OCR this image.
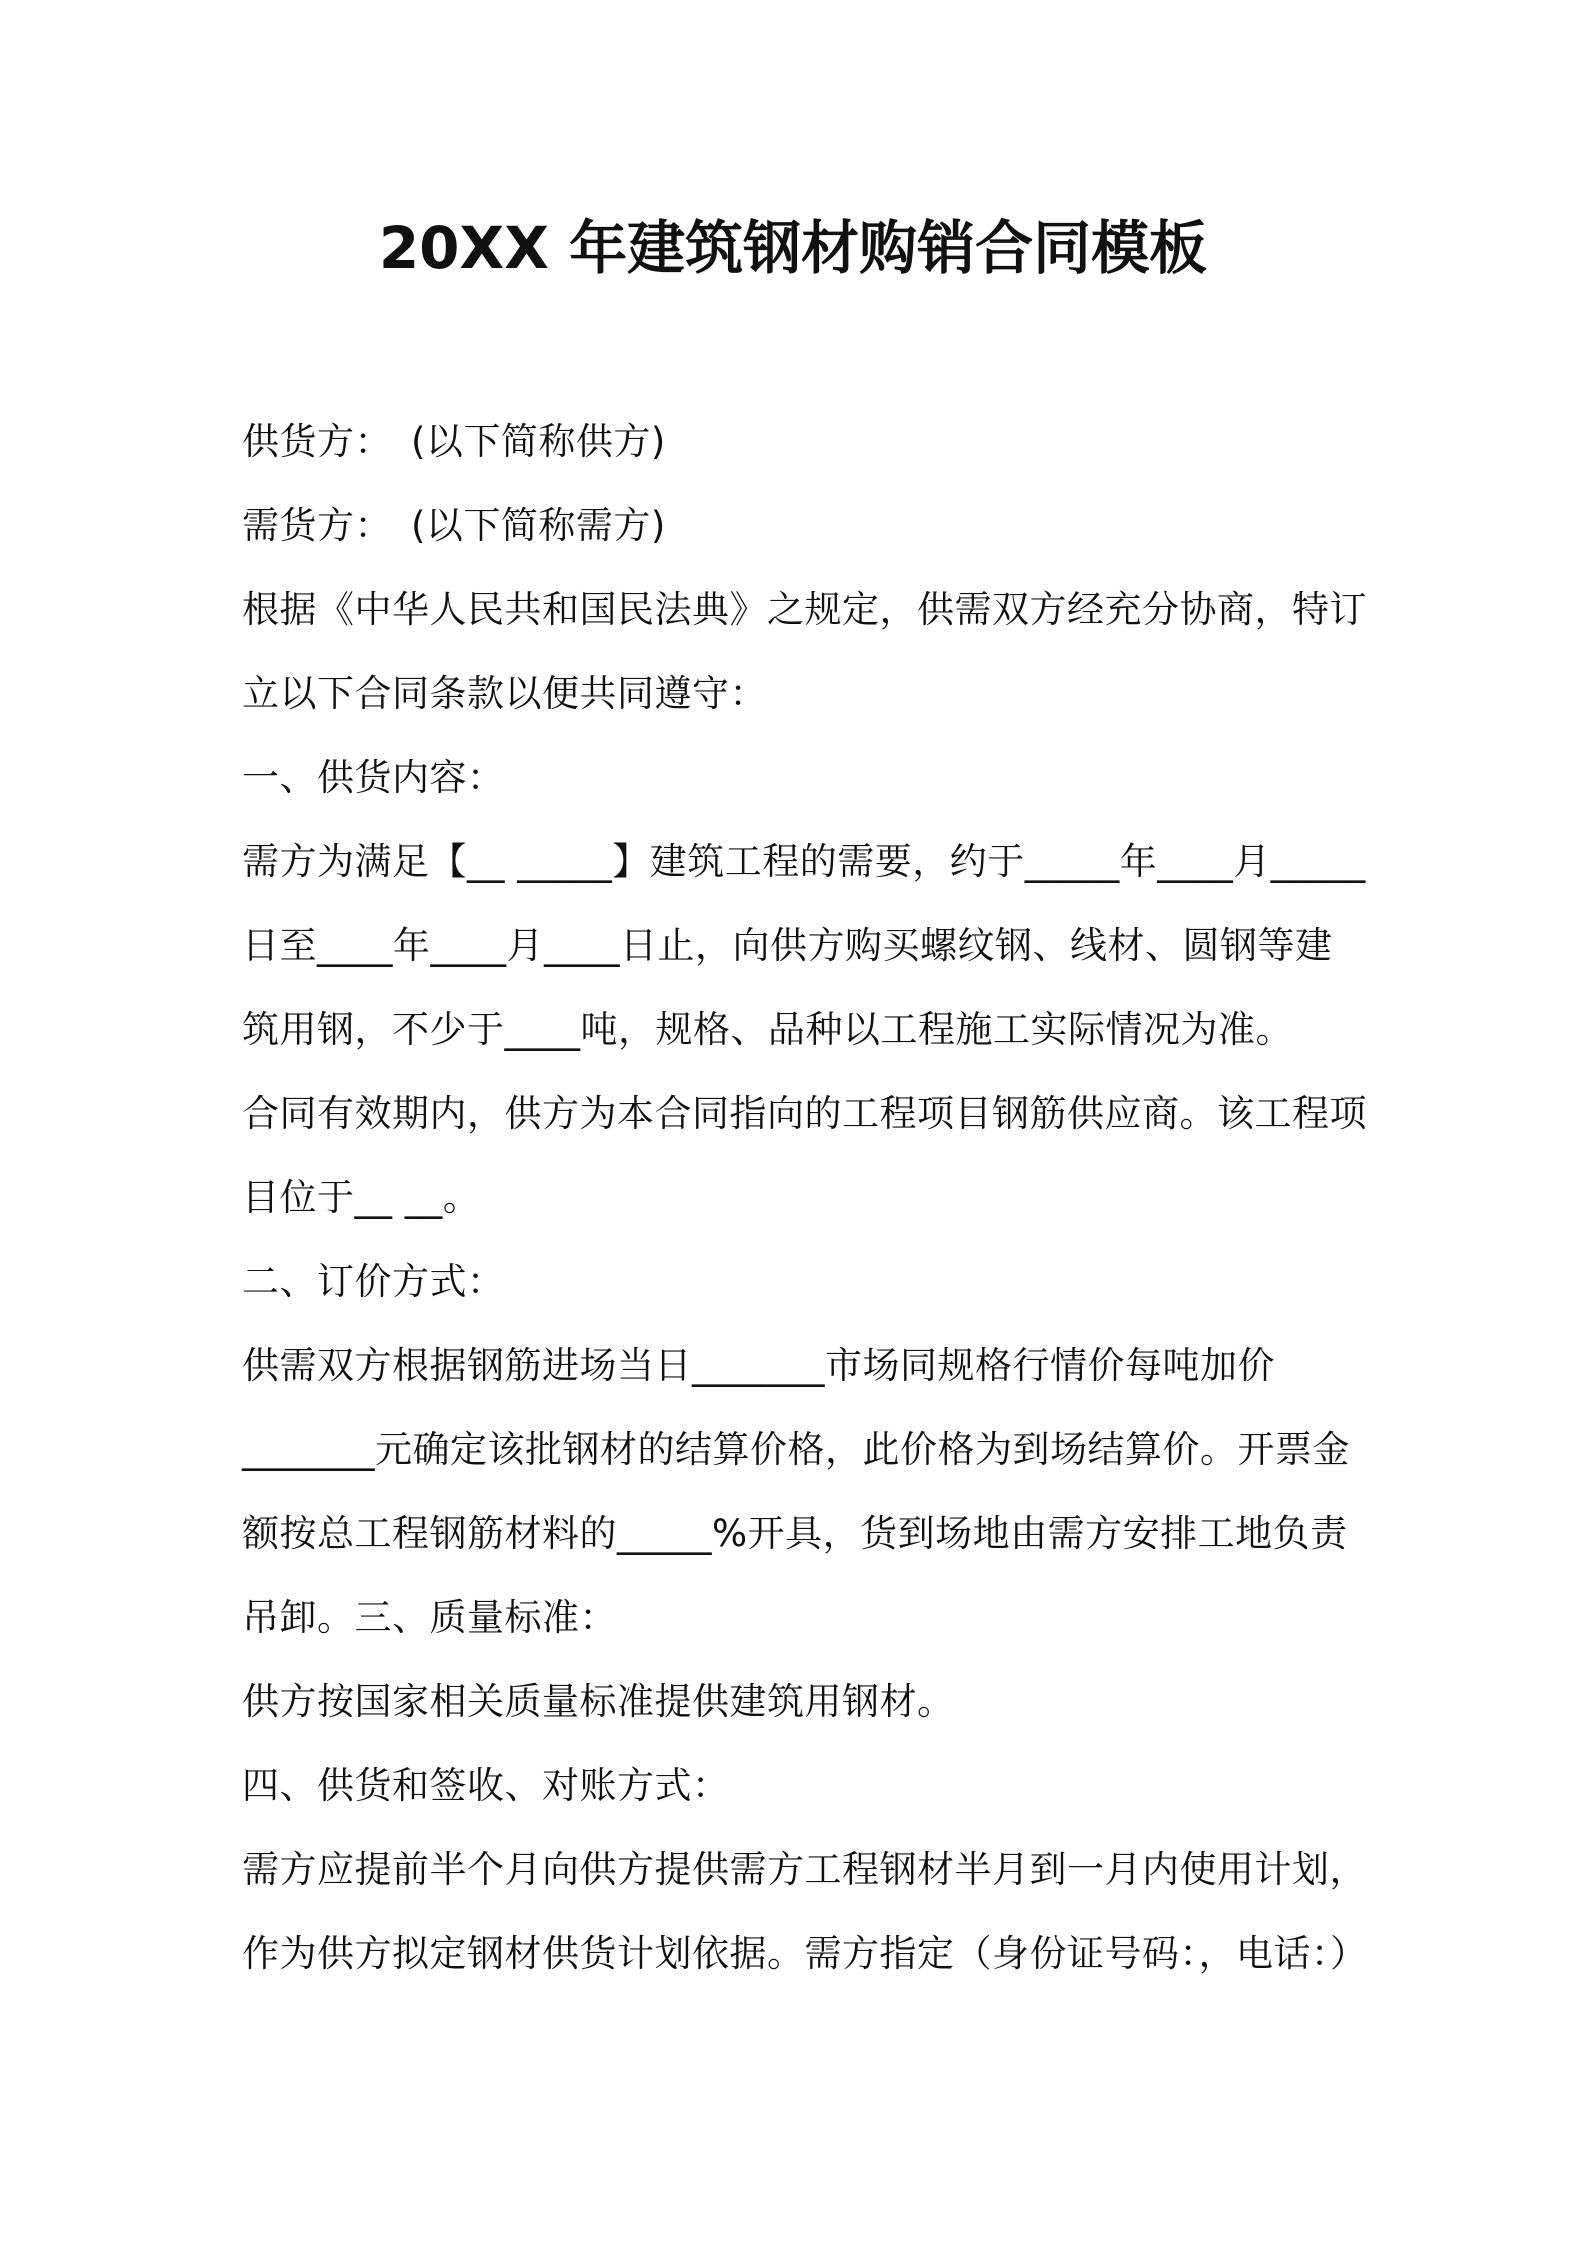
20XX 年建筑钢材购销合同模板
供货方：　(以下简称供方)
需货方：　(以下简称需方)
根据《中华人民共和国民法典》之规定，供需双方经充分协商，特订
立以下合同条款以便共同遵守：
一、供货内容：
需方为满足【__ _____】建筑工程的需要，约于_____年____月_____
日至____年____月____日止，向供方购买螺纹钢、线材、圆钢等建
筑用钢，不少于____吨，规格、品种以工程施工实际情况为准。
合同有效期内，供方为本合同指向的工程项目钢筋供应商。该工程项
目位于__ __。
二、订价方式：
供需双方根据钢筋进场当日_______市场同规格行情价每吨加价
_______元确定该批钢材的结算价格，此价格为到场结算价。开票金
额按总工程钢筋材料的_____%开具，货到场地由需方安排工地负责
吊卸。三、质量标准：
供方按国家相关质量标准提供建筑用钢材。
四、供货和签收、对账方式：
需方应提前半个月向供方提供需方工程钢材半月到一月内使用计划，
作为供方拟定钢材供货计划依据。需方指定（身份证号码：，电话：）
